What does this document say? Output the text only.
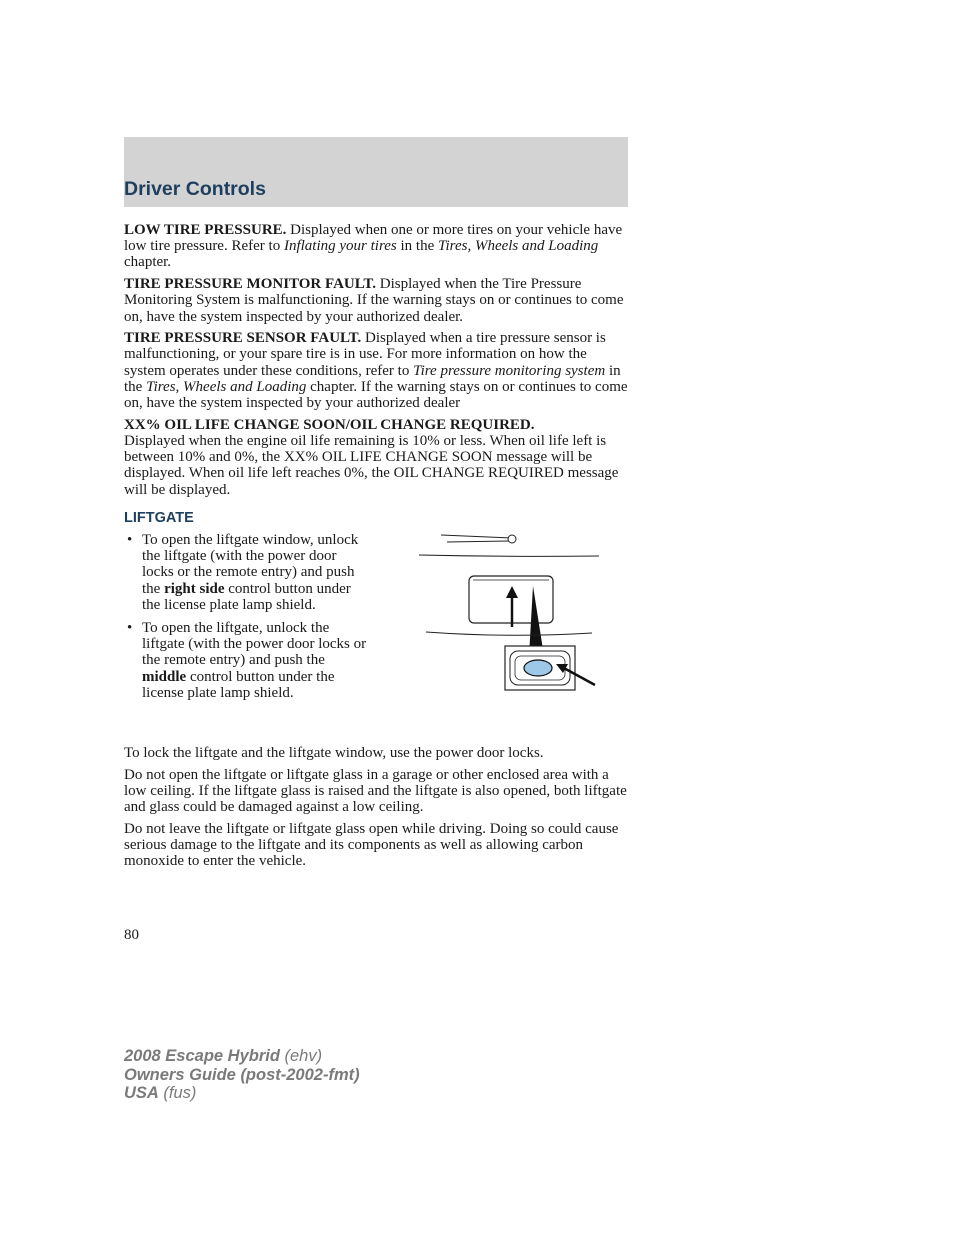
Driver Controls

LOW TIRE PRESSURE. Displayed when one or more tires on your vehicle have low tire pressure. Refer to Inflating your tires in the Tires, Wheels and Loading chapter.

TIRE PRESSURE MONITOR FAULT. Displayed when the Tire Pressure Monitoring System is malfunctioning. If the warning stays on or continues to come on, have the system inspected by your authorized dealer.

TIRE PRESSURE SENSOR FAULT. Displayed when a tire pressure sensor is malfunctioning, or your spare tire is in use. For more information on how the system operates under these conditions, refer to Tire pressure monitoring system in the Tires, Wheels and Loading chapter. If the warning stays on or continues to come on, have the system inspected by your authorized dealer

XX% OIL LIFE CHANGE SOON/OIL CHANGE REQUIRED.
Displayed when the engine oil life remaining is 10% or less. When oil life left is between 10% and 0%, the XX% OIL LIFE CHANGE SOON message will be displayed. When oil life left reaches 0%, the OIL CHANGE REQUIRED message will be displayed.

LIFTGATE
• To open the liftgate window, unlock the liftgate (with the power door locks or the remote entry) and push the right side control button under the license plate lamp shield.
• To open the liftgate, unlock the liftgate (with the power door locks or the remote entry) and push the middle control button under the license plate lamp shield.

To lock the liftgate and the liftgate window, use the power door locks.

Do not open the liftgate or liftgate glass in a garage or other enclosed area with a low ceiling. If the liftgate glass is raised and the liftgate is also opened, both liftgate and glass could be damaged against a low ceiling.

Do not leave the liftgate or liftgate glass open while driving. Doing so could cause serious damage to the liftgate and its components as well as allowing carbon monoxide to enter the vehicle.

80
2008 Escape Hybrid (ehv)
Owners Guide (post-2002-fmt)
USA (fus)
